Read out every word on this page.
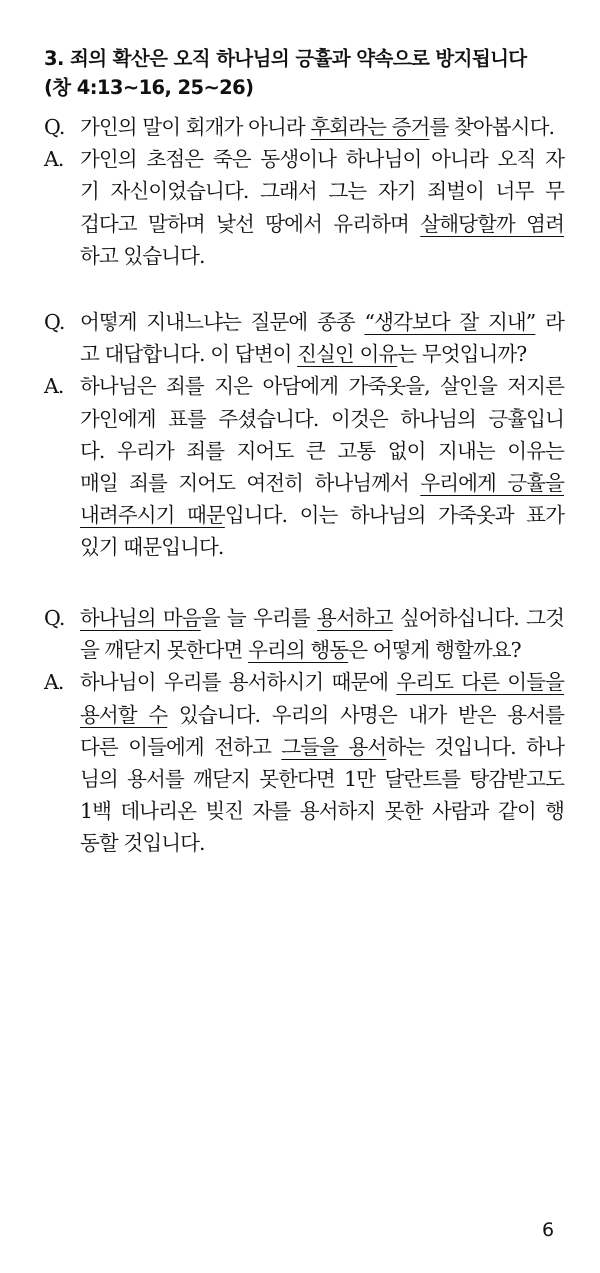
3. 죄의 확산은 오직 하나님의 긍휼과 약속으로 방지됩니다
(창 4:13~16, 25~26)
Q. 가인의 말이 회개가 아니라 후회라는 증거를 찾아봅시다.
A. 가인의 초점은 죽은 동생이나 하나님이 아니라 오직 자
기 자신이었습니다. 그래서 그는 자기 죄벌이 너무 무
겁다고 말하며 낯선 땅에서 유리하며 살해당할까 염려
하고 있습니다.
Q. 어떻게 지내느냐는 질문에 종종 “생각보다 잘 지내” 라
고 대답합니다. 이 답변이 진실인 이유는 무엇입니까?
A. 하나님은 죄를 지은 아담에게 가죽옷을, 살인을 저지른
가인에게 표를 주셨습니다. 이것은 하나님의 긍휼입니
다. 우리가 죄를 지어도 큰 고통 없이 지내는 이유는
매일 죄를 지어도 여전히 하나님께서 우리에게 긍휼을
내려주시기 때문입니다. 이는 하나님의 가죽옷과 표가
있기 때문입니다.
Q. 하나님의 마음을 늘 우리를 용서하고 싶어하십니다. 그것
을 깨닫지 못한다면 우리의 행동은 어떻게 행할까요?
A. 하나님이 우리를 용서하시기 때문에 우리도 다른 이들을
용서할 수 있습니다. 우리의 사명은 내가 받은 용서를
다른 이들에게 전하고 그들을 용서하는 것입니다. 하나
님의 용서를 깨닫지 못한다면 1만 달란트를 탕감받고도
1백 데나리온 빚진 자를 용서하지 못한 사람과 같이 행
동할 것입니다.
6
